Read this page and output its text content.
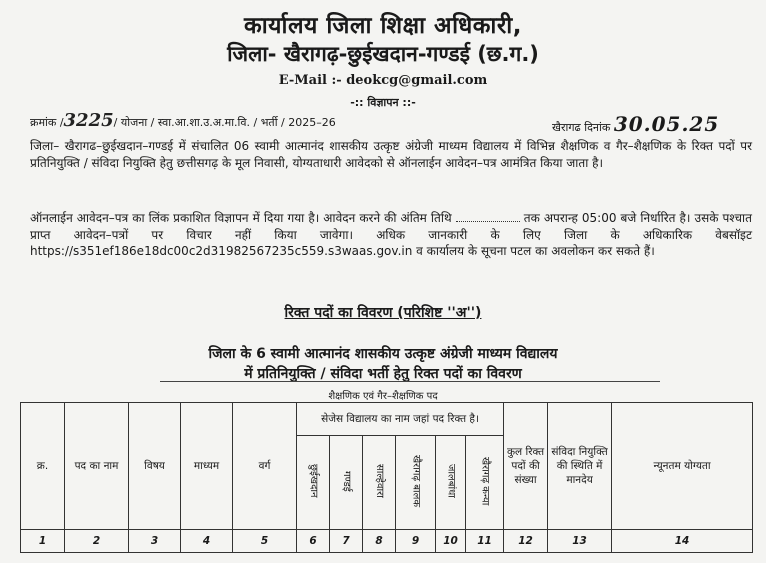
कार्यालय जिला शिक्षा अधिकारी,
जिला- खैरागढ़-छुईखदान-गण्डई (छ.ग.)
E-Mail :- deokcg@gmail.com
-:: विज्ञापन ::-
क्रमांक /3225/ योजना / स्वा.आ.शा.उ.अ.मा.वि. / भर्ती / 2025–26	खैरागढ दिनांक 30.05.25
जिला– खैरागढ–छुईखदान–गण्डई में संचालित 06 स्वामी आत्मानंद शासकीय उत्कृष्ट अंग्रेजी माध्यम विद्यालय में विभिन्न शैक्षणिक व गैर–शैक्षणिक के रिक्त पदों पर प्रतिनियुक्ति / संविदा नियुक्ति हेतु छत्तीसगढ़ के मूल निवासी, योग्यताधारी आवेदको से ऑनलाईन आवेदन–पत्र आमंत्रित किया जाता है।
ऑनलाईन आवेदन–पत्र का लिंक प्रकाशित विज्ञापन में दिया गया है। आवेदन करने की अंतिम तिथि	तक अपरान्ह 05:00 बजे निर्धारित है। उसके पश्चात प्राप्त आवेदन–पत्रों पर विचार नहीं किया जावेगा। अधिक जानकारी के लिए जिला के अधिकारिक वेबसॉइट https://s351ef186e18dc00c2d31982567235c559.s3waas.gov.in व कार्यालय के सूचना पटल का अवलोकन कर सकते हैं।
रिक्त पदों का विवरण (परिशिष्ट ''अ'')
जिला के 6 स्वामी आत्मानंद शासकीय उत्कृष्ट अंग्रेजी माध्यम विद्यालय
में प्रतिनियुक्ति / संविदा भर्ती हेतु रिक्त पदों का विवरण
शैक्षणिक एवं गैर–शैक्षणिक पद
क्र.	पद का नाम	विषय	माध्यम	वर्ग	सेजेस विद्यालय का नाम जहां पद रिक्त है।						कुल रिक्त पदों की संख्या	संविदा नियुक्ति की स्थिति में मानदेय	न्यूनतम योग्यता
					छुईखदान	गण्डई	साल्हेवारा	खैरागढ़ बालक	जालबांधा	खैरागढ़ कन्या			
1	2	3	4	5	6	7	8	9	10	11	12	13	14
